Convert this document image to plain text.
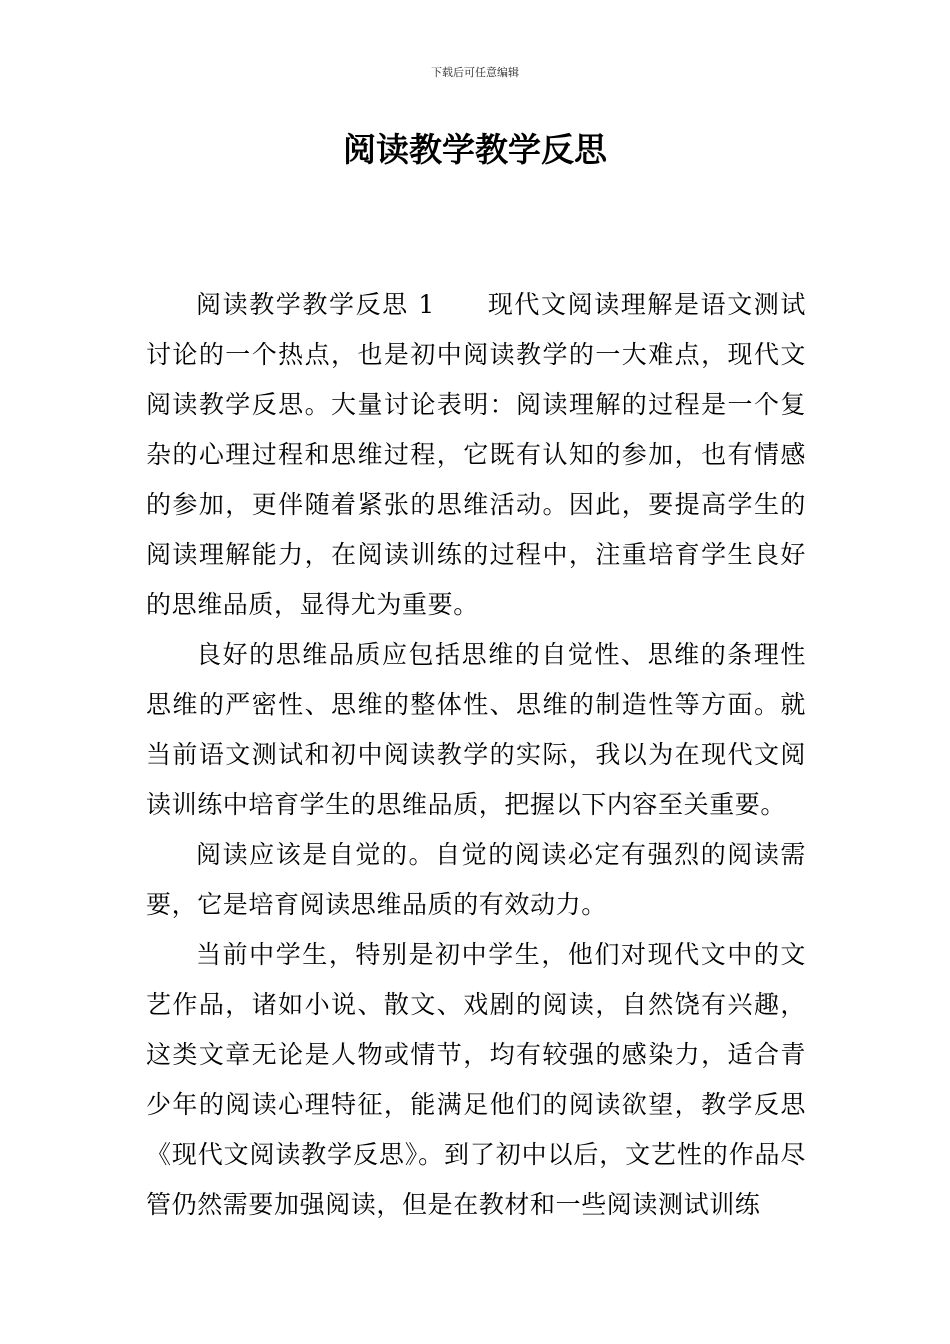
下载后可任意编辑
阅读教学教学反思

阅读教学教学反思 1 现代文阅读理解是语文测试讨论的一个热点，也是初中阅读教学的一大难点，现代文阅读教学反思。大量讨论表明：阅读理解的过程是一个复杂的心理过程和思维过程，它既有认知的参加，也有情感的参加，更伴随着紧张的思维活动。因此，要提高学生的阅读理解能力，在阅读训练的过程中，注重培育学生良好的思维品质，显得尤为重要。

良好的思维品质应包括思维的自觉性、思维的条理性思维的严密性、思维的整体性、思维的制造性等方面。就当前语文测试和初中阅读教学的实际，我以为在现代文阅读训练中培育学生的思维品质，把握以下内容至关重要。

阅读应该是自觉的。自觉的阅读必定有强烈的阅读需要，它是培育阅读思维品质的有效动力。

当前中学生，特别是初中学生，他们对现代文中的文艺作品，诸如小说、散文、戏剧的阅读，自然饶有兴趣，这类文章无论是人物或情节，均有较强的感染力，适合青少年的阅读心理特征，能满足他们的阅读欲望，教学反思《现代文阅读教学反思》。到了初中以后，文艺性的作品尽管仍然需要加强阅读，但是在教材和一些阅读测试训练
